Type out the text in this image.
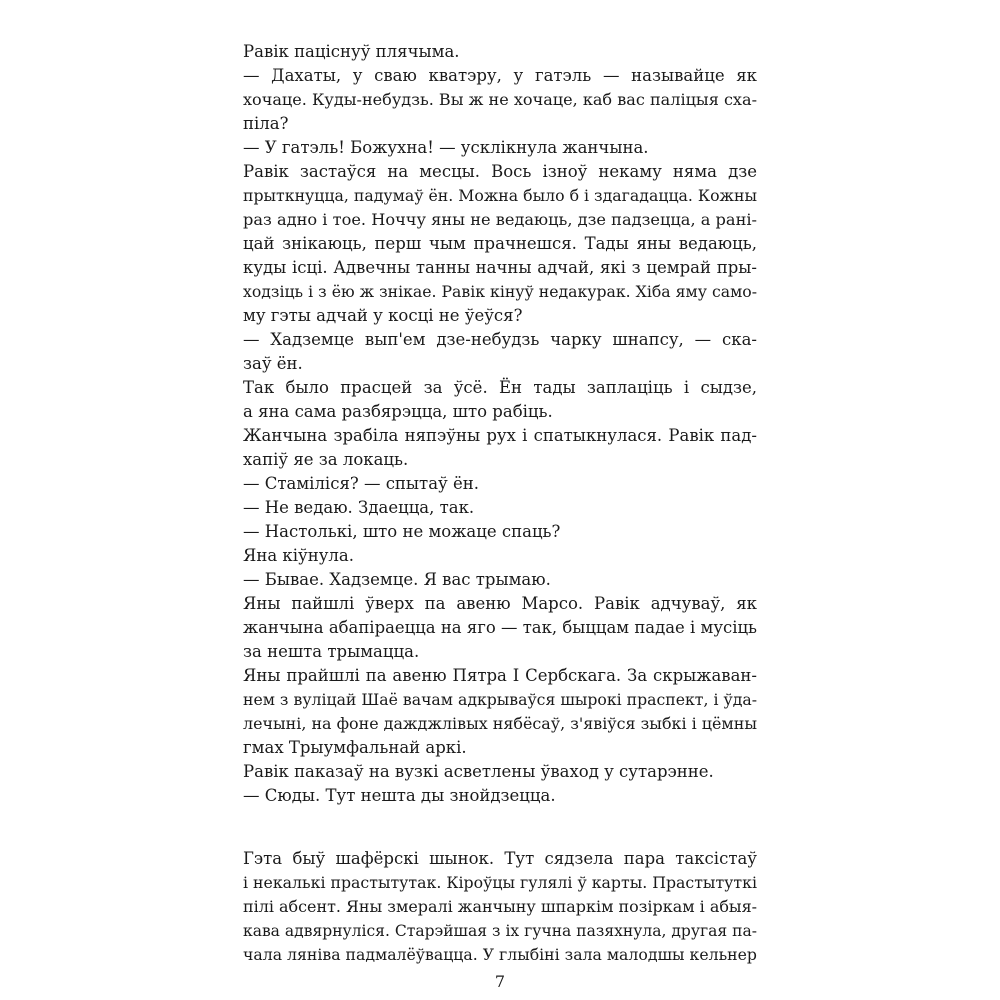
Равік пацiснуў плячыма.
— Дахаты, у сваю кватэру, у гатэль — называйце як
хочаце. Куды-небудзь. Вы ж не хочаце, каб вас паліцыя сха-
піла?
— У гатэль! Божухна! — усклікнула жанчына.
Равік застаўся на месцы. Вось ізноў некаму няма дзе
прыткнуцца, падумаў ён. Можна было б і здагадацца. Кожны
раз адно і тое. Ноччу яны не ведаюць, дзе падзецца, а рані-
цай знікаюць, перш чым прачнешся. Тады яны ведаюць,
куды ісці. Адвечны танны начны адчай, які з цемрай пры-
ходзіць і з ёю ж знікае. Равік кінуў недакурак. Хіба яму само-
му гэты адчай у косці не ўеўся?
— Хадземце вып'ем дзе-небудзь чарку шнапсу, — ска-
заў ён.
Так было прасцей за ўсё. Ён тады заплаціць і сыдзе,
а яна сама разбярэцца, што рабіць.
Жанчына зрабіла няпэўны рух і спатыкнулася. Равік пад-
хапіў яе за локаць.
— Стаміліся? — спытаў ён.
— Не ведаю. Здаецца, так.
— Настолькі, што не можаце спаць?
Яна кіўнула.
— Бывае. Хадземце. Я вас трымаю.
Яны пайшлі ўверх па авеню Марсо. Равік адчуваў, як
жанчына абапіраецца на яго — так, быццам падае і мусіць
за нешта трымацца.
Яны прайшлі па авеню Пятра I Сербскага. За скрыжаван-
нем з вуліцай Шаё вачам адкрываўся шырокі праспект, і ўда-
лечыні, на фоне дажджлівых нябёсаў, з'явіўся зыбкі і цёмны
гмах Трыумфальнай аркі.
Равік паказаў на вузкі асветлены ўваход у сутарэнне.
— Сюды. Тут нешта ды знойдзецца.
Гэта быў шафёрскі шынок. Тут сядзела пара таксістаў
і некалькі прастытутак. Кіроўцы гулялі ў карты. Прастытуткі
пілі абсент. Яны змералі жанчыну шпаркім позіркам і абыя-
кава адвярнуліся. Старэйшая з іх гучна пазяхнула, другая па-
чала лянiва падмалёўвацца. У глыбіні зала малодшы кельнер
7
